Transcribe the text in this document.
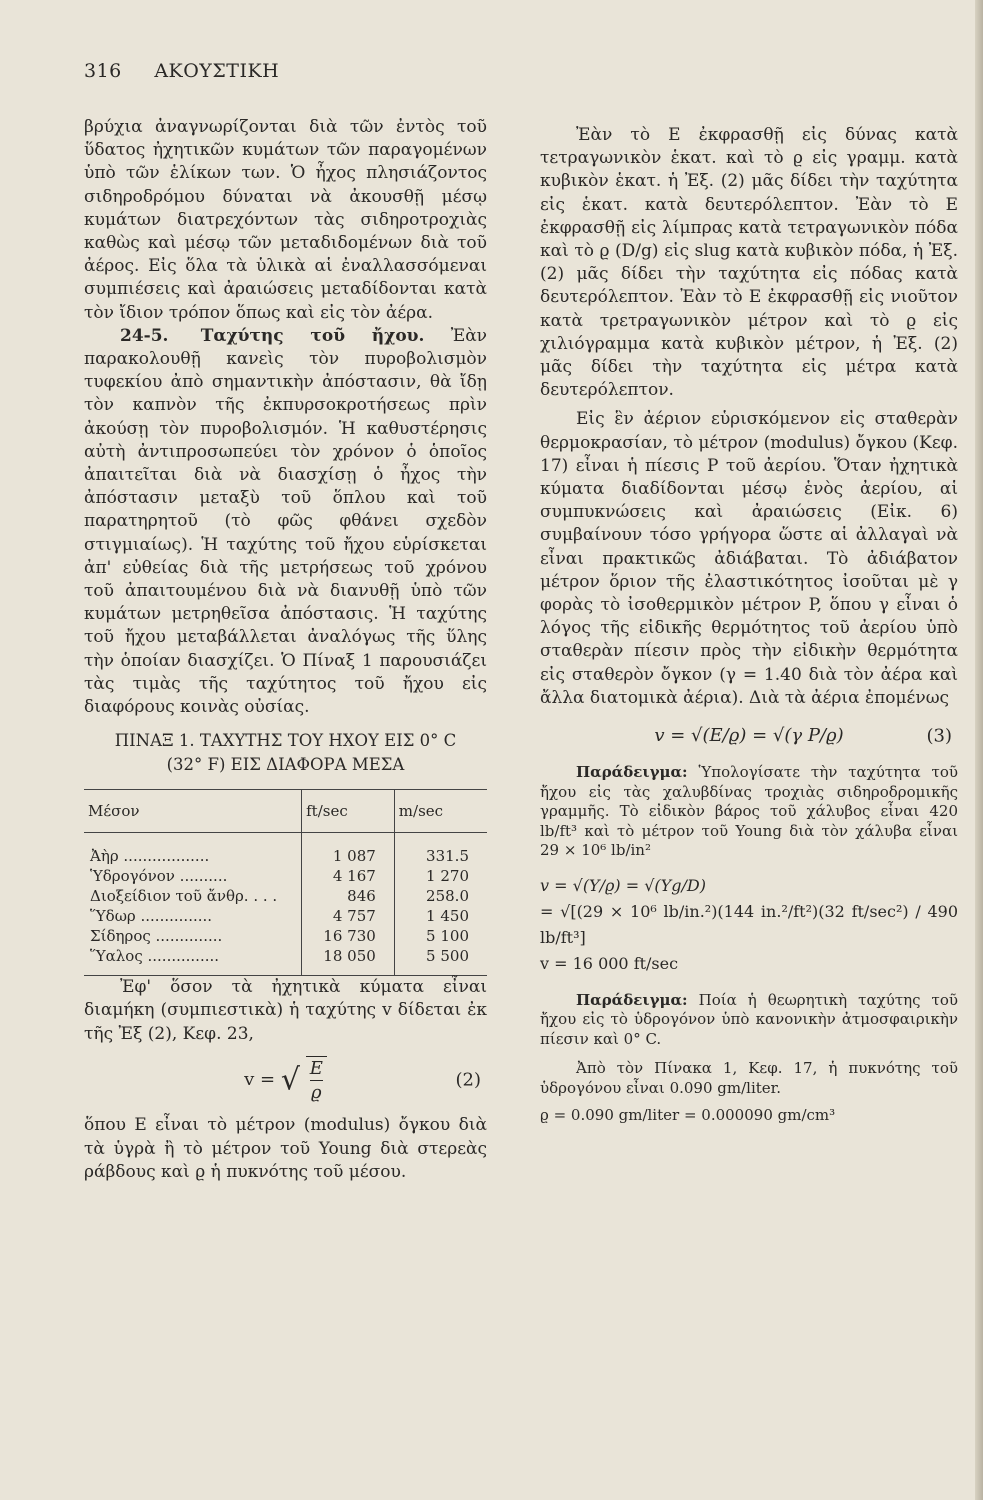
316 ΑΚΟΥΣΤΙΚΗ

βρύχια ἀναγνωρίζονται διὰ τῶν ἐντὸς τοῦ ὕδατος ἠχητικῶν κυμάτων τῶν παραγομένων ὑπὸ τῶν ἑλίκων των. Ὁ ἦχος πλησιάζοντος σιδηροδρόμου δύναται νὰ ἀκουσθῇ μέσῳ κυμάτων διατρεχόντων τὰς σιδηροτροχιὰς καθὼς καὶ μέσῳ τῶν μεταδιδομένων διὰ τοῦ ἀέρος. Εἰς ὅλα τὰ ὑλικὰ αἱ ἐναλλασσόμεναι συμπιέσεις καὶ ἀραιώσεις μεταδίδονται κατὰ τὸν ἴδιον τρόπον ὅπως καὶ εἰς τὸν ἀέρα.

24-5. Ταχύτης τοῦ ἤχου. Ἐὰν παρακολουθῇ κανεὶς τὸν πυροβολισμὸν τυφεκίου ἀπὸ σημαντικὴν ἀπόστασιν, θὰ ἴδῃ τὸν καπνὸν τῆς ἐκπυρσοκροτήσεως πρὶν ἀκούσῃ τὸν πυροβολισμόν. Ἡ καθυστέρησις αὐτὴ ἀντιπροσωπεύει τὸν χρόνον ὁ ὁποῖος ἀπαιτεῖται διὰ νὰ διασχίσῃ ὁ ἦχος τὴν ἀπόστασιν μεταξὺ τοῦ ὅπλου καὶ τοῦ παρατηρητοῦ (τὸ φῶς φθάνει σχεδὸν στιγμιαίως). Ἡ ταχύτης τοῦ ἤχου εὑρίσκεται ἀπ' εὐθείας διὰ τῆς μετρήσεως τοῦ χρόνου τοῦ ἀπαιτουμένου διὰ νὰ διανυθῇ ὑπὸ τῶν κυμάτων μετρηθεῖσα ἀπόστασις. Ἡ ταχύτης τοῦ ἤχου μεταβάλλεται ἀναλόγως τῆς ὕλης τὴν ὁποίαν διασχίζει. Ὁ Πίναξ 1 παρουσιάζει τὰς τιμὰς τῆς ταχύτητος τοῦ ἤχου εἰς διαφόρους κοινὰς οὐσίας.

ΠΙΝΑΞ 1. ΤΑΧΥΤΗΣ ΤΟΥ ΗΧΟΥ ΕΙΣ 0° C
(32° F) ΕΙΣ ΔΙΑΦΟΡΑ ΜΕΣΑ
Μέσον	ft/sec	m/sec
Ἀὴρ ..................	1 087	331.5
Ὑδρογόνον ..........	4 167	1 270
Διοξείδιον τοῦ ἄνθρ. . . .	846	258.0
Ὕδωρ ...............	4 757	1 450
Σίδηρος ..............	16 730	5 100
Ὕαλος ...............	18 050	5 500

Ἐφ' ὅσον τὰ ἠχητικὰ κύματα εἶναι διαμήκη (συμπιεστικὰ) ἡ ταχύτης v δίδεται ἐκ τῆς Ἐξ (2), Κεφ. 23,

v = √ $\frac{E}{ϱ}$	(2)

ὅπου E εἶναι τὸ μέτρον (modulus) ὄγκου διὰ τὰ ὑγρὰ ἢ τὸ μέτρον τοῦ Young διὰ στερεὰς ράβδους καὶ ϱ ἡ πυκνότης τοῦ μέσου.

Ἐὰν τὸ E ἐκφρασθῇ εἰς δύνας κατὰ τετραγωνικὸν ἑκατ. καὶ τὸ ϱ εἰς γραμμ. κατὰ κυβικὸν ἑκατ. ἡ Ἐξ. (2) μᾶς δίδει τὴν ταχύτητα εἰς ἑκατ. κατὰ δευτερόλεπτον. Ἐὰν τὸ E ἐκφρασθῇ εἰς λίμπρας κατὰ τετραγωνικὸν πόδα καὶ τὸ ϱ (D/g) εἰς slug κατὰ κυβικὸν πόδα, ἡ Ἐξ. (2) μᾶς δίδει τὴν ταχύτητα εἰς πόδας κατὰ δευτερόλεπτον. Ἐὰν τὸ E ἐκφρασθῇ εἰς νιοῦτον κατὰ τρετραγωνικὸν μέτρον καὶ τὸ ϱ εἰς χιλιόγραμμα κατὰ κυβικὸν μέτρον, ἡ Ἐξ. (2) μᾶς δίδει τὴν ταχύτητα εἰς μέτρα κατὰ δευτερόλεπτον.

Εἰς ἓν ἀέριον εὑρισκόμενον εἰς σταθερὰν θερμοκρασίαν, τὸ μέτρον (modulus) ὄγκου (Κεφ. 17) εἶναι ἡ πίεσις P τοῦ ἀερίου. Ὅταν ἠχητικὰ κύματα διαδίδονται μέσῳ ἑνὸς ἀερίου, αἱ συμπυκνώσεις καὶ ἀραιώσεις (Εἰκ. 6) συμβαίνουν τόσο γρήγορα ὥστε αἱ ἀλλαγαὶ νὰ εἶναι πρακτικῶς ἀδιάβαται. Τὸ ἀδιάβατον μέτρον ὅριον τῆς ἐλαστικότητος ἰσοῦται μὲ γ φορὰς τὸ ἰσοθερμικὸν μέτρον P, ὅπου γ εἶναι ὁ λόγος τῆς εἰδικῆς θερμότητος τοῦ ἀερίου ὑπὸ σταθερὰν πίεσιν πρὸς τὴν εἰδικὴν θερμότητα εἰς σταθερὸν ὄγκον (γ = 1.40 διὰ τὸν ἀέρα καὶ ἄλλα διατομικὰ ἀέρια). Διὰ τὰ ἀέρια ἐπομένως

v = √(E/ϱ) = √(γ P/ϱ)	(3)

Παράδειγμα: Ὑπολογίσατε τὴν ταχύτητα τοῦ ἤχου εἰς τὰς χαλυβδίνας τροχιὰς σιδηροδρομικῆς γραμμῆς. Τὸ εἰδικὸν βάρος τοῦ χάλυβος εἶναι 420 lb/ft³ καὶ τὸ μέτρον τοῦ Young διὰ τὸν χάλυβα εἶναι 29 × 10⁶ lb/in²

v = √(Y/ϱ) = √(Yg/D)
= √[(29 × 10⁶ lb/in.²)(144 in.²/ft²)(32 ft/sec²) / 490 lb/ft³]
v = 16 000 ft/sec

Παράδειγμα: Ποία ἡ θεωρητικὴ ταχύτης τοῦ ἤχου εἰς τὸ ὑδρογόνον ὑπὸ κανονικὴν ἀτμοσφαιρικὴν πίεσιν καὶ 0° C.

Ἀπὸ τὸν Πίνακα 1, Κεφ. 17, ἡ πυκνότης τοῦ ὑδρογόνου εἶναι 0.090 gm/liter.

ϱ = 0.090 gm/liter = 0.000090 gm/cm³
